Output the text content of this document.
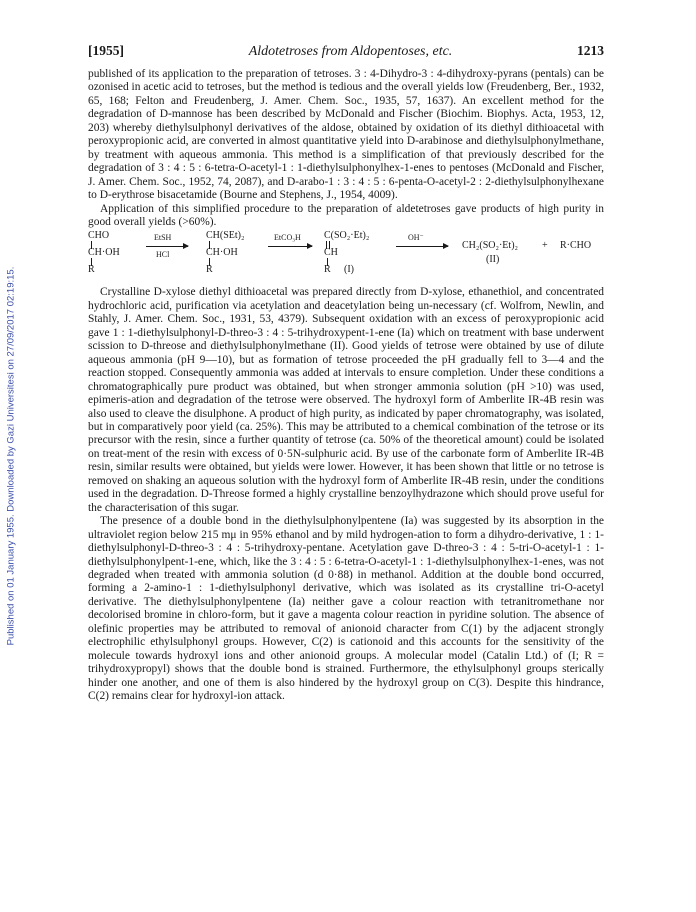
Published on 01 January 1955. Downloaded by Gazi Universitesi on 27/09/2017 02:19:15.
[1955]	Aldotetroses from Aldopentoses, etc.	1213

published of its application to the preparation of tetroses. 3 : 4-Dihydro-3 : 4-dihydroxy-pyrans (pentals) can be ozonised in acetic acid to tetroses, but the method is tedious and the overall yields low (Freudenberg, Ber., 1932, 65, 168; Felton and Freudenberg, J. Amer. Chem. Soc., 1935, 57, 1637). An excellent method for the degradation of D-mannose has been described by McDonald and Fischer (Biochim. Biophys. Acta, 1953, 12, 203) whereby diethylsulphonyl derivatives of the aldose, obtained by oxidation of its diethyl dithioacetal with peroxypropionic acid, are converted in almost quantitative yield into D-arabinose and diethylsulphonylmethane, by treatment with aqueous ammonia. This method is a simplification of that previously described for the degradation of 3 : 4 : 5 : 6-tetra-O-acetyl-1 : 1-diethylsulphonylhex-1-enes to pentoses (McDonald and Fischer, J. Amer. Chem. Soc., 1952, 74, 2087), and D-arabo-1 : 3 : 4 : 5 : 6-penta-O-acetyl-2 : 2-diethylsulphonylhexane to D-erythrose bisacetamide (Bourne and Stephens, J., 1954, 4009).

Application of this simplified procedure to the preparation of aldetetroses gave products of high purity in good overall yields (>60%).

CHO
CH·OH
R
EtSH
HCl
CH(SEt)₂
CH·OH
R
EtCO₃H C(SO₂·Et)₂
CH
R (I)
OH⁻
CH₂(SO₂·Et)₂
(II)
+ R·CHO

Crystalline D-xylose diethyl dithioacetal was prepared directly from D-xylose, ethanethiol, and concentrated hydrochloric acid, purification via acetylation and deacetylation being un-necessary (cf. Wolfrom, Newlin, and Stahly, J. Amer. Chem. Soc., 1931, 53, 4379). Subsequent oxidation with an excess of peroxypropionic acid gave 1 : 1-diethylsulphonyl-D-threo-3 : 4 : 5-trihydroxypent-1-ene (Ia) which on treatment with base underwent scission to D-threose and diethylsulphonylmethane (II). Good yields of tetrose were obtained by use of dilute aqueous ammonia (pH 9—10), but as formation of tetrose proceeded the pH gradually fell to 3—4 and the reaction stopped. Consequently ammonia was added at intervals to ensure completion. Under these conditions a chromatographically pure product was obtained, but when stronger ammonia solution (pH >10) was used, epimeris-ation and degradation of the tetrose were observed. The hydroxyl form of Amberlite IR-4B resin was also used to cleave the disulphone. A product of high purity, as indicated by paper chromatography, was isolated, but in comparatively poor yield (ca. 25%). This may be attributed to a chemical combination of the tetrose or its precursor with the resin, since a further quantity of tetrose (ca. 50% of the theoretical amount) could be isolated on treat-ment of the resin with excess of 0·5N-sulphuric acid. By use of the carbonate form of Amberlite IR-4B resin, similar results were obtained, but yields were lower. However, it has been shown that little or no tetrose is removed on shaking an aqueous solution with the hydroxyl form of Amberlite IR-4B resin, under the conditions used in the degradation. D-Threose formed a highly crystalline benzoylhydrazone which should prove useful for the characterisation of this sugar.

The presence of a double bond in the diethylsulphonylpentene (Ia) was suggested by its absorption in the ultraviolet region below 215 mμ in 95% ethanol and by mild hydrogen-ation to form a dihydro-derivative, 1 : 1-diethylsulphonyl-D-threo-3 : 4 : 5-trihydroxy-pentane. Acetylation gave D-threo-3 : 4 : 5-tri-O-acetyl-1 : 1-diethylsulphonylpent-1-ene, which, like the 3 : 4 : 5 : 6-tetra-O-acetyl-1 : 1-diethylsulphonylhex-1-enes, was not degraded when treated with ammonia solution (d 0·88) in methanol. Addition at the double bond occurred, forming a 2-amino-1 : 1-diethylsulphonyl derivative, which was isolated as its crystalline tri-O-acetyl derivative. The diethylsulphonylpentene (Ia) neither gave a colour reaction with tetranitromethane nor decolorised bromine in chloro-form, but it gave a magenta colour reaction in pyridine solution. The absence of olefinic properties may be attributed to removal of anionoid character from C(1) by the adjacent strongly electrophilic ethylsulphonyl groups. However, C(2) is cationoid and this accounts for the sensitivity of the molecule towards hydroxyl ions and other anionoid groups. A molecular model (Catalin Ltd.) of (I; R = trihydroxypropyl) shows that the double bond is strained. Furthermore, the ethylsulphonyl groups sterically hinder one another, and one of them is also hindered by the hydroxyl group on C(3). Despite this hindrance, C(2) remains clear for hydroxyl-ion attack.
